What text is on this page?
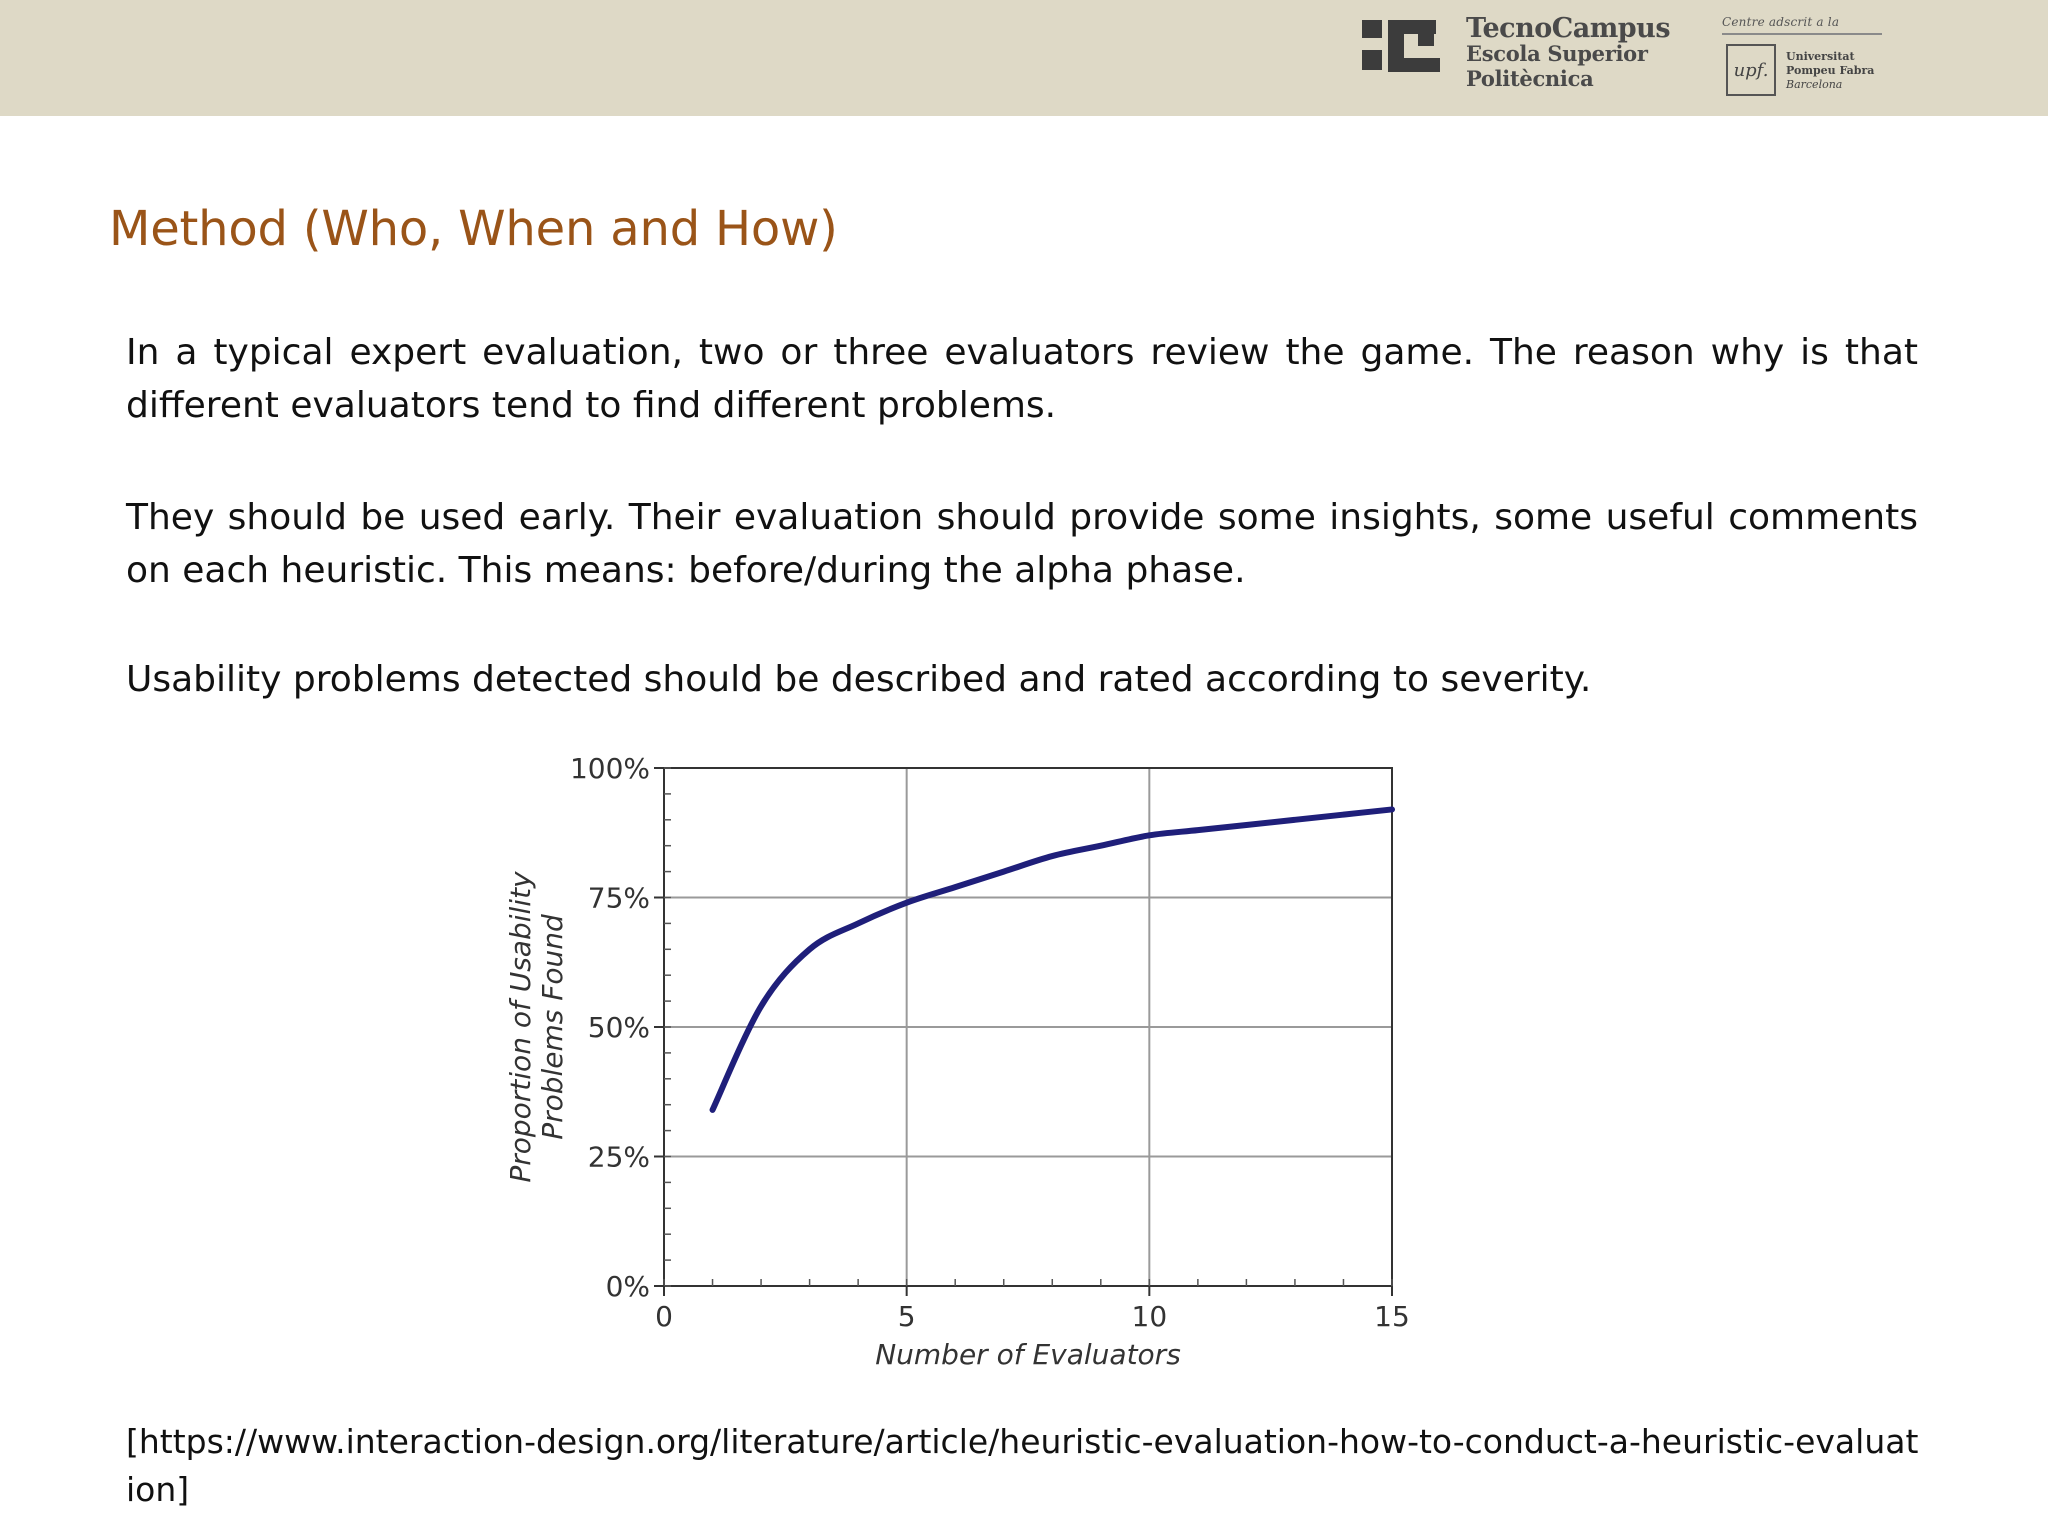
TecnoCampus
Escola Superior
Politècnica
Centre adscrit a la
upf.
Universitat
Pompeu Fabra
Barcelona
Method (Who, When and How)

In a typical expert evaluation, two or three evaluators review the game. The reason why is that different evaluators tend to find different problems.

They should be used early. Their evaluation should provide some insights, some useful comments on each heuristic. This means: before/during the alpha phase.

Usability problems detected should be described and rated according to severity.

0%
25%
50%
75%
100%
0	5	10	15
Number of Evaluators
Proportion of Usability Problems Found

[https://www.interaction-design.org/literature/article/heuristic-evaluation-how-to-conduct-a-heuristic-evaluation]
